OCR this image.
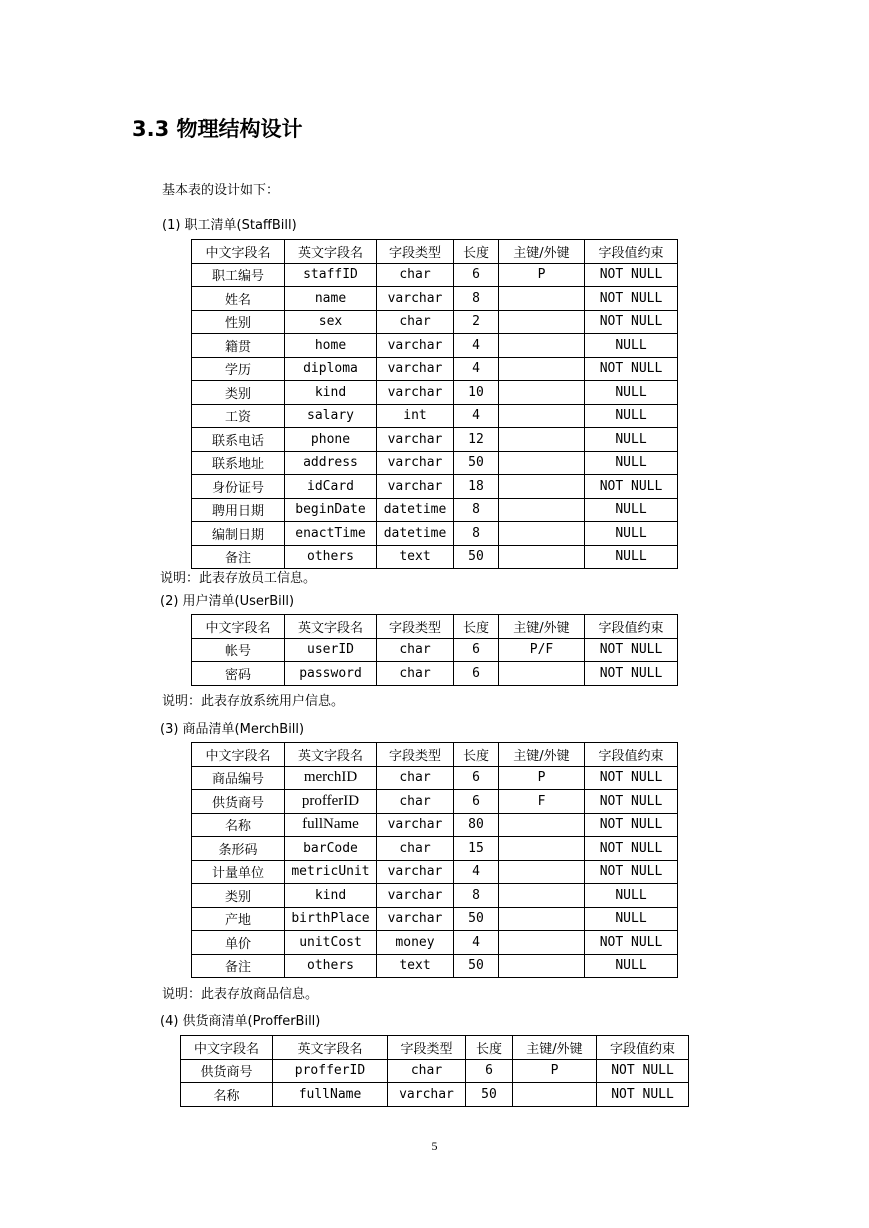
3.3 物理结构设计
基本表的设计如下：
(1) 职工清单(StaffBill)
中文字段名	英文字段名	字段类型	长度	主键/外键	字段值约束
职工编号	staffID	char	6	P	NOT NULL
姓名	name	varchar	8		NOT NULL
性别	sex	char	2		NOT NULL
籍贯	home	varchar	4		NULL
学历	diploma	varchar	4		NOT NULL
类别	kind	varchar	10		NULL
工资	salary	int	4		NULL
联系电话	phone	varchar	12		NULL
联系地址	address	varchar	50		NULL
身份证号	idCard	varchar	18		NOT NULL
聘用日期	beginDate	datetime	8		NULL
编制日期	enactTime	datetime	8		NULL
备注	others	text	50		NULL
说明：此表存放员工信息。
(2) 用户清单(UserBill)
中文字段名	英文字段名	字段类型	长度	主键/外键	字段值约束
帐号	userID	char	6	P/F	NOT NULL
密码	password	char	6		NOT NULL
说明：此表存放系统用户信息。
(3) 商品清单(MerchBill)
中文字段名	英文字段名	字段类型	长度	主键/外键	字段值约束
商品编号	merchID	char	6	P	NOT NULL
供货商号	profferID	char	6	F	NOT NULL
名称	fullName	varchar	80		NOT NULL
条形码	barCode	char	15		NOT NULL
计量单位	metricUnit	varchar	4		NOT NULL
类别	kind	varchar	8		NULL
产地	birthPlace	varchar	50		NULL
单价	unitCost	money	4		NOT NULL
备注	others	text	50		NULL
说明：此表存放商品信息。
(4) 供货商清单(ProfferBill)
中文字段名	英文字段名	字段类型	长度	主键/外键	字段值约束
供货商号	profferID	char	6	P	NOT NULL
名称	fullName	varchar	50		NOT NULL
5
